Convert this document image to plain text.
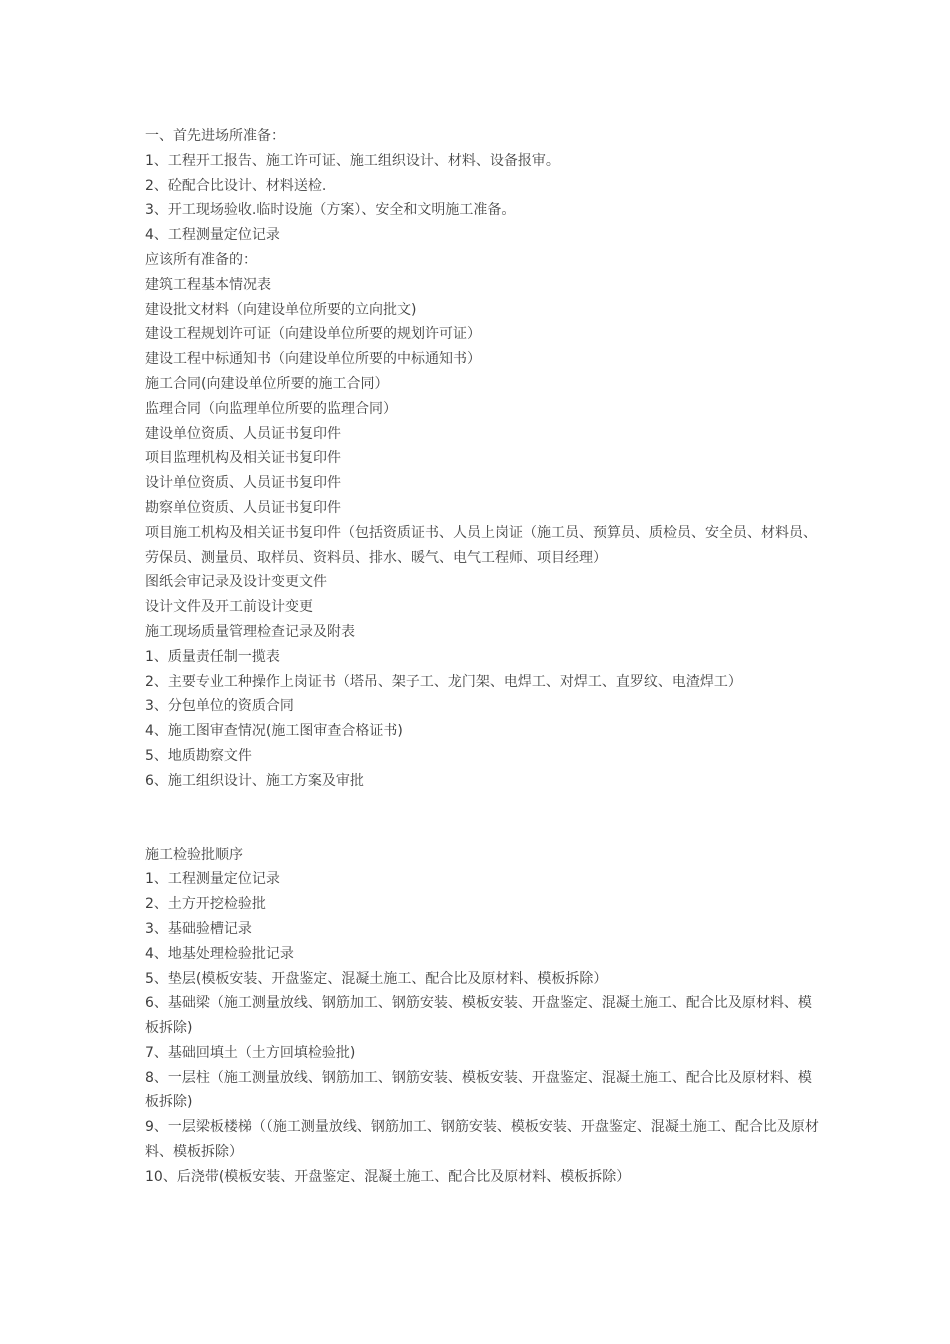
一、首先进场所准备：

1、工程开工报告、施工许可证、施工组织设计、材料、设备报审。

2、砼配合比设计、材料送检.

3、开工现场验收.临时设施（方案）、安全和文明施工准备。

4、工程测量定位记录

应该所有准备的：

建筑工程基本情况表

建设批文材料（向建设单位所要的立向批文)

建设工程规划许可证（向建设单位所要的规划许可证）

建设工程中标通知书（向建设单位所要的中标通知书）

施工合同(向建设单位所要的施工合同）

监理合同（向监理单位所要的监理合同）

建设单位资质、人员证书复印件

项目监理机构及相关证书复印件

设计单位资质、人员证书复印件

勘察单位资质、人员证书复印件

项目施工机构及相关证书复印件（包括资质证书、人员上岗证（施工员、预算员、质检员、安全员、材料员、劳保员、测量员、取样员、资料员、排水、暖气、电气工程师、项目经理）

图纸会审记录及设计变更文件

设计文件及开工前设计变更

施工现场质量管理检查记录及附表

1、质量责任制一揽表

2、主要专业工种操作上岗证书（塔吊、架子工、龙门架、电焊工、对焊工、直罗纹、电渣焊工）

3、分包单位的资质合同

4、施工图审查情况(施工图审查合格证书)

5、地质勘察文件

6、施工组织设计、施工方案及审批

施工检验批顺序

1、工程测量定位记录

2、土方开挖检验批

3、基础验槽记录

4、地基处理检验批记录

5、垫层(模板安装、开盘鉴定、混凝土施工、配合比及原材料、模板拆除）

6、基础梁（施工测量放线、钢筋加工、钢筋安装、模板安装、开盘鉴定、混凝土施工、配合比及原材料、模板拆除)

7、基础回填土（土方回填检验批)

8、一层柱（施工测量放线、钢筋加工、钢筋安装、模板安装、开盘鉴定、混凝土施工、配合比及原材料、模板拆除)

9、一层梁板楼梯（（施工测量放线、钢筋加工、钢筋安装、模板安装、开盘鉴定、混凝土施工、配合比及原材料、模板拆除）

10、后浇带(模板安装、开盘鉴定、混凝土施工、配合比及原材料、模板拆除）
